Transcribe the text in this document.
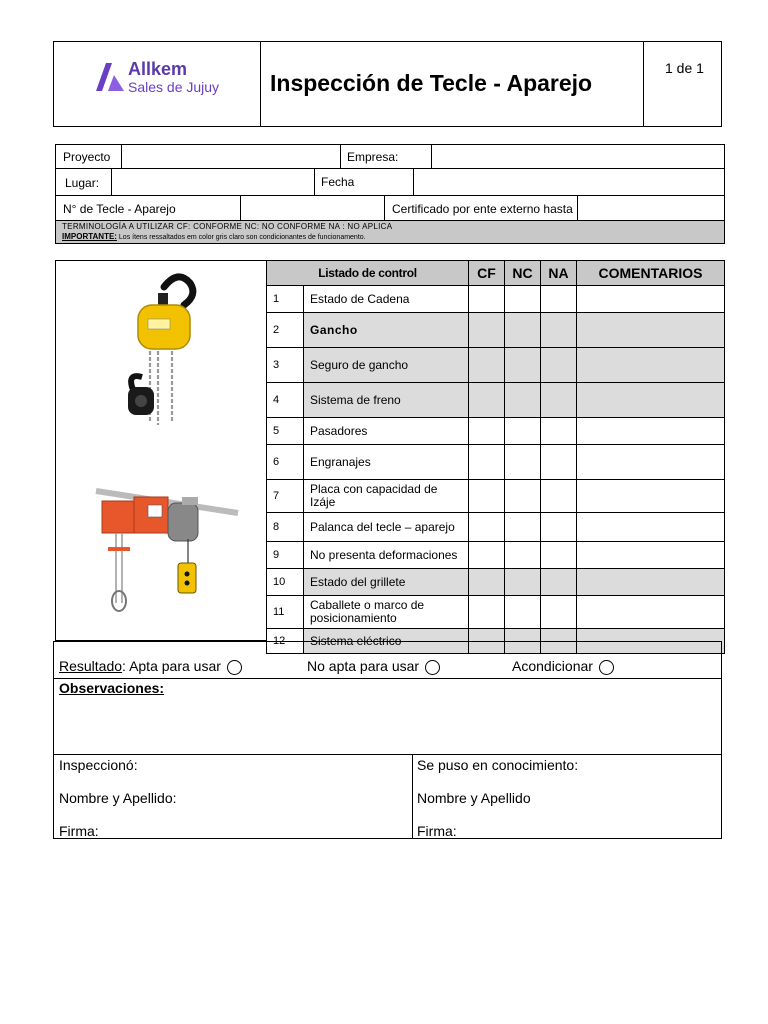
Allkem
Sales de Jujuy Inspección de Tecle - Aparejo
1 de 1
Proyecto	Empresa:
Lugar:	Fecha
N° de Tecle - Aparejo	Certificado por ente externo hasta
TERMINOLOGÍA A UTILIZAR CF: CONFORME NC: NO CONFORME NA : NO APLICA
IMPORTANTE: Los ítens ressaltados em color gris claro son condicionantes de funcionamento.
Listado de control		CF	NC	NA	COMENTARIOS
1	Estado de Cadena				
2	Gancho				
3	Seguro de gancho				
4	Sistema de freno				
5	Pasadores				
6	Engranajes				
7	Placa con capacidad de Izáje				
8	Palanca del tecle – aparejo				
9	No presenta deformaciones				
10	Estado del grillete				
11	Caballete o marco de posicionamiento				
12	Sistema eléctrico				
Resultado: Apta para usar	No apta para usar	Acondicionar
Observaciones:
Inspeccionó:
Nombre y Apellido:
Firma:
Se puso en conocimiento:
Nombre y Apellido
Firma:
